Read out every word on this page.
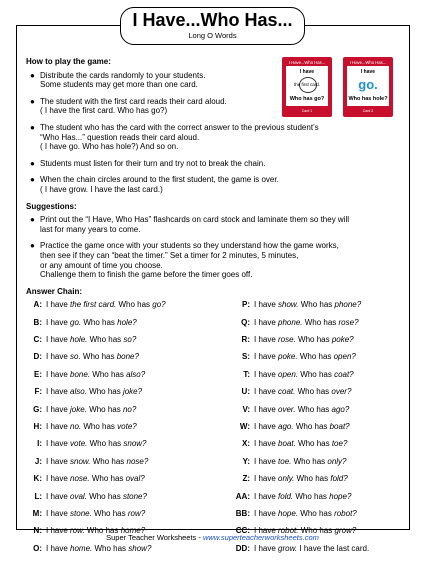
I Have...Who Has...
Long O Words
I Have...Who Has...
I have
the first card.
Who has go?
Card 1
I Have...Who Has...
I have
go.
Who has hole?
Card 2
How to play the game:
● Distribute the cards randomly to your students.
Some students may get more than one card.
● The student with the first card reads their card aloud.
( I have the first card. Who has go?)
● The student who has the card with the correct answer to the previous student’s
“Who Has...” question reads their card aloud.
( I have go. Who has hole?) And so on.
● Students must listen for their turn and try not to break the chain.
● When the chain circles around to the first student, the game is over.
( I have grow. I have the last card.)
Suggestions:
● Print out the “I Have, Who Has” flashcards on card stock and laminate them so they will
last for many years to come.
● Practice the game once with your students so they understand how the game works,
then see if they can “beat the timer.” Set a timer for 2 minutes, 5 minutes,
or any amount of time you choose.
Challenge them to finish the game before the timer goes off.
Answer Chain:
A: I have the first card. Who has go?
B: I have go. Who has hole?
C: I have hole. Who has so?
D: I have so. Who has bone?
E: I have bone. Who has also?
F: I have also. Who has joke?
G: I have joke. Who has no?
H: I have no. Who has vote?
I: I have vote. Who has snow?
J: I have snow. Who has nose?
K: I have nose. Who has oval?
L: I have oval. Who has stone?
M: I have stone. Who has row?
N: I have row. Who has home?
O: I have home. Who has show?
P: I have show. Who has phone?
Q: I have phone. Who has rose?
R: I have rose. Who has poke?
S: I have poke. Who has open?
T: I have open. Who has coat?
U: I have coat. Who has over?
V: I have over. Who has ago?
W: I have ago. Who has boat?
X: I have boat. Who has toe?
Y: I have toe. Who has only?
Z: I have only. Who has fold?
AA: I have fold. Who has hope?
BB: I have hope. Who has robot?
CC: I have robot. Who has grow?
DD: I have grow. I have the last card.
Super Teacher Worksheets - www.superteacherworksheets.com
